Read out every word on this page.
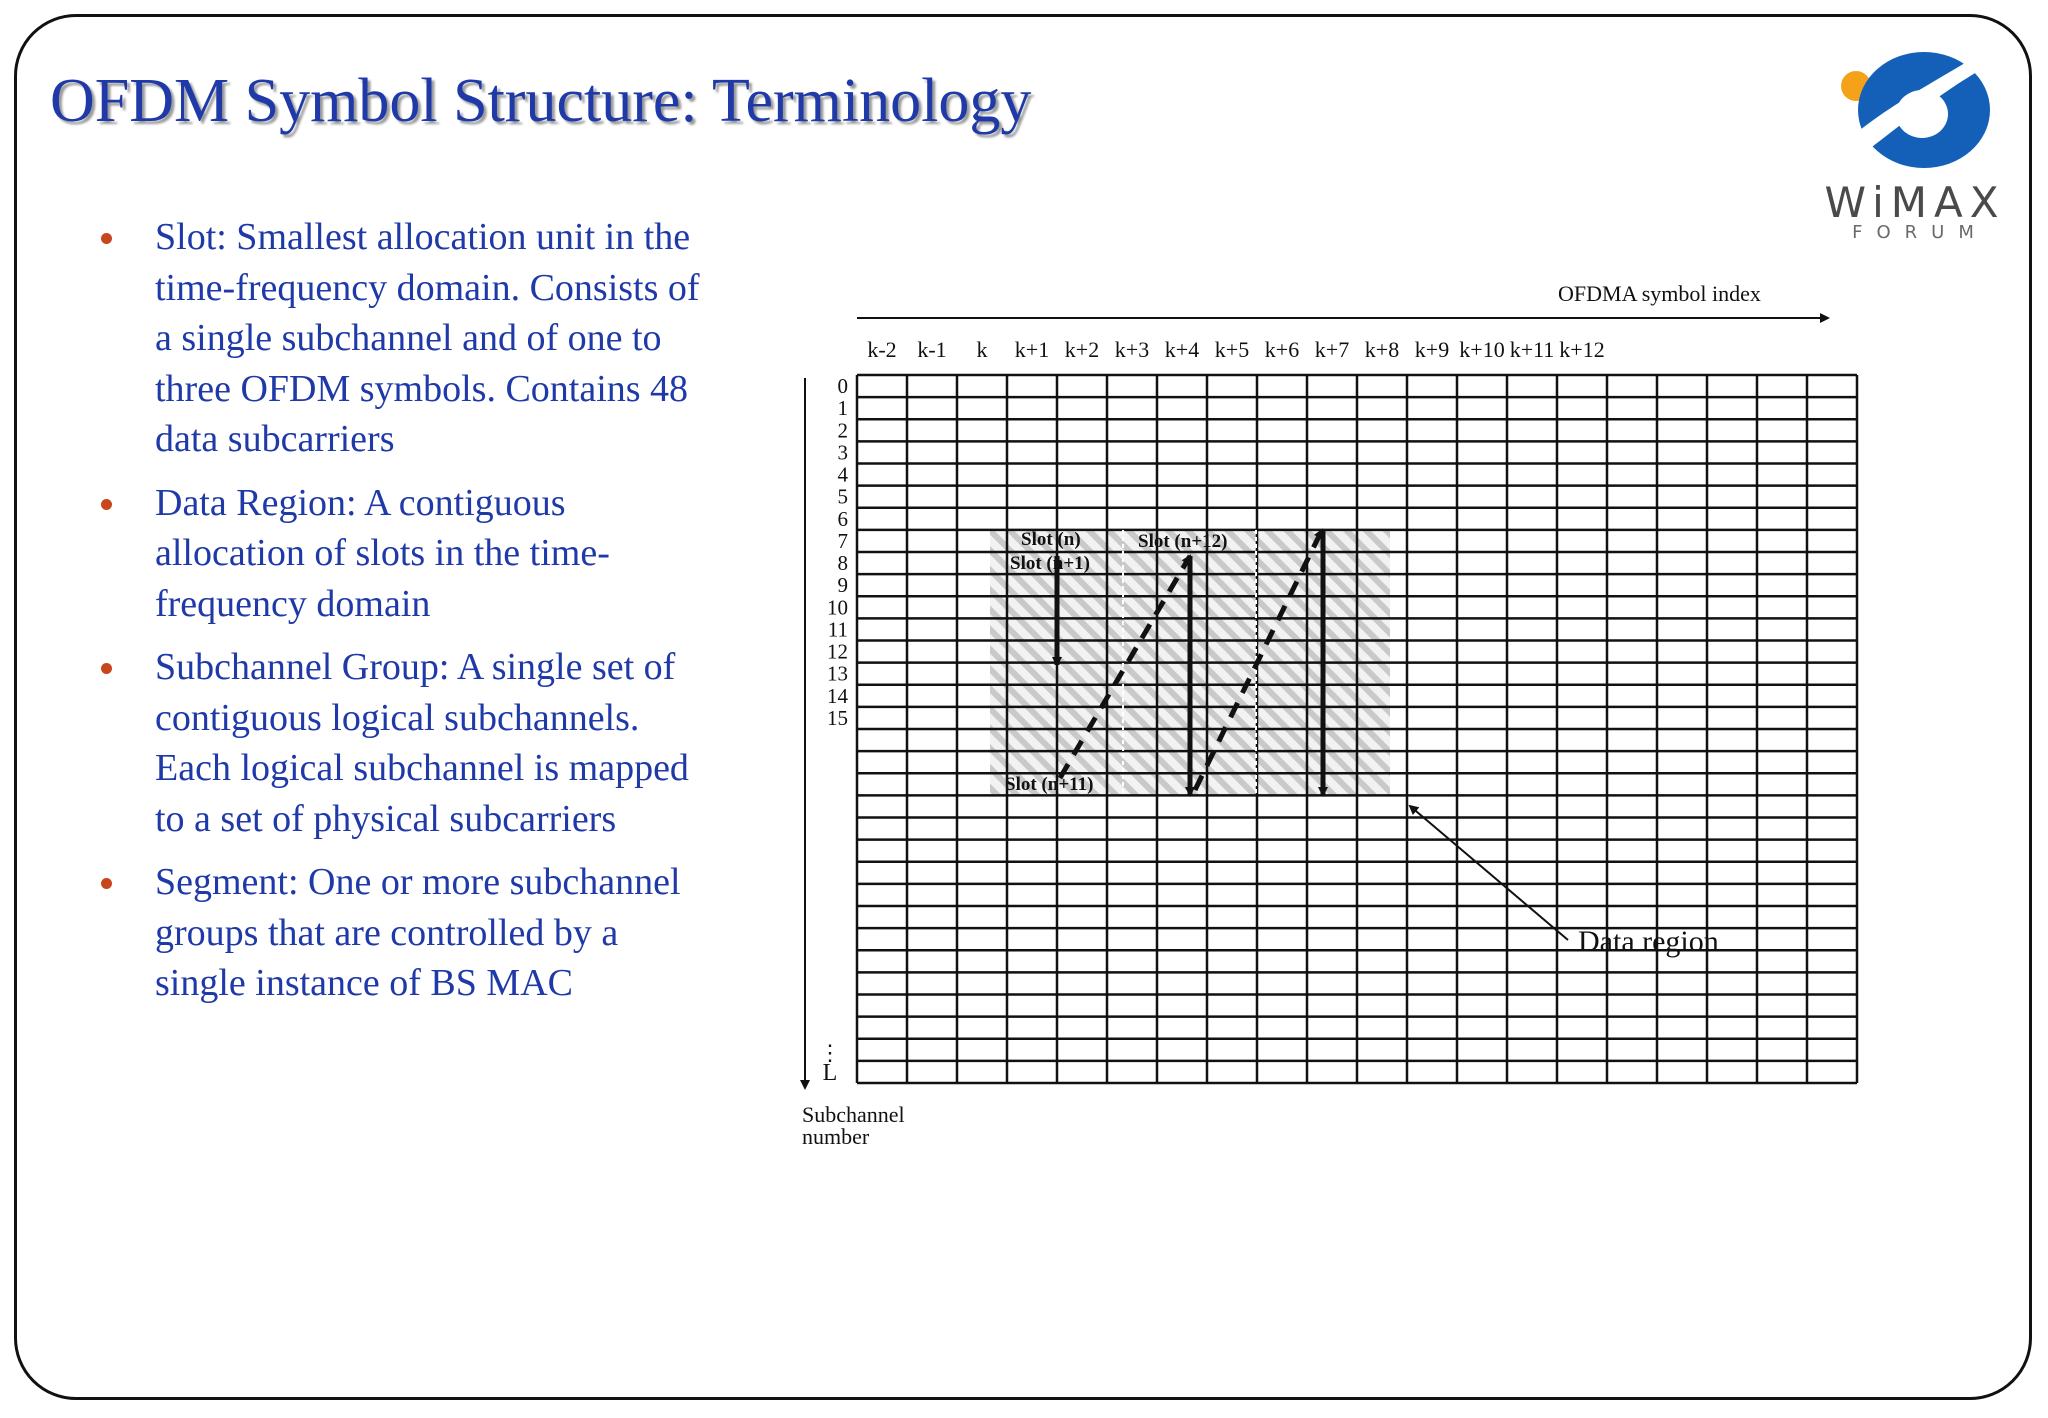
OFDM Symbol Structure: Terminology
WiMAX
FORUM
Slot: Smallest allocation unit in the time-frequency domain. Consists of a single subchannel and of one to three OFDM symbols. Contains 48 data subcarriers
Data Region: A contiguous allocation of slots in the time-frequency domain
Subchannel Group: A single set of contiguous logical subchannels. Each logical subchannel is mapped to a set of physical subcarriers
Segment: One or more subchannel groups that are controlled by a single instance of BS MAC
k-2 k-1 k k+1 k+2 k+3 k+4 k+5 k+6 k+7 k+8 k+9 k+10 k+11 k+12
0
1
2
3
4
5
6
7
8
9
10
11
12
13
14
15
OFDMA symbol index
⋮
L
Subchannel
number
Slot (n)
Slot (n+1)
Slot (n+12)
Slot (n+11)
Data region
